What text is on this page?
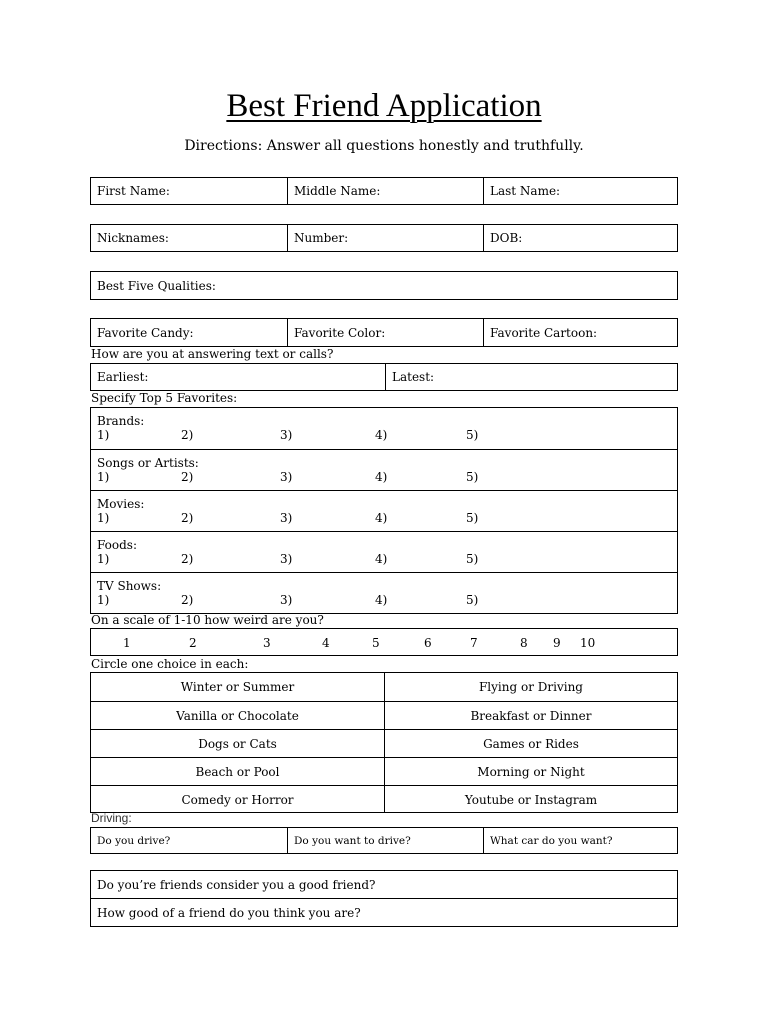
Best Friend Application
Directions: Answer all questions honestly and truthfully.
First Name:	Middle Name:	Last Name:
Nicknames:	Number:	DOB:
Best Five Qualities:
Favorite Candy:	Favorite Color:	Favorite Cartoon:
How are you at answering text or calls?
Earliest:	Latest:
Specify Top 5 Favorites:
Brands:
1)	2)	3)	4)	5)
Songs or Artists:
1)	2)	3)	4)	5)
Movies:
1)	2)	3)	4)	5)
Foods:
1)	2)	3)	4)	5)
TV Shows:
1)	2)	3)	4)	5)
On a scale of 1-10 how weird are you?
1	2	3	4	5	6	7	8 9 10
Circle one choice in each:
Winter or Summer	Flying or Driving
Vanilla or Chocolate	Breakfast or Dinner
Dogs or Cats	Games or Rides
Beach or Pool	Morning or Night
Comedy or Horror	Youtube or Instagram
Driving:
Do you drive?	Do you want to drive?	What car do you want?
Do you’re friends consider you a good friend?
How good of a friend do you think you are?
